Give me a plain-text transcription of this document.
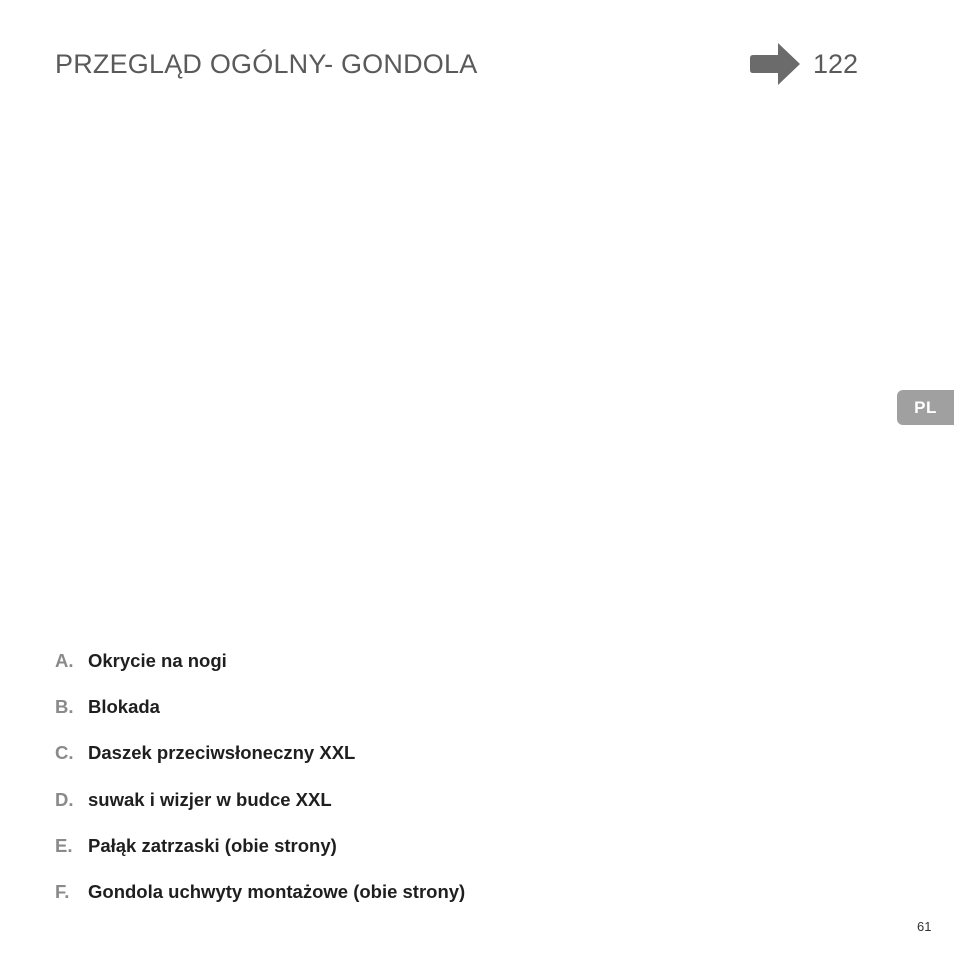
PRZEGLĄD OGÓLNY- GONDOLA	122
PL
A. Okrycie na nogi
B. Blokada
C. Daszek przeciwsłoneczny XXL
D. suwak i wizjer w budce XXL
E. Pałąk zatrzaski (obie strony)
F.	Gondola uchwyty montażowe (obie strony)
61
